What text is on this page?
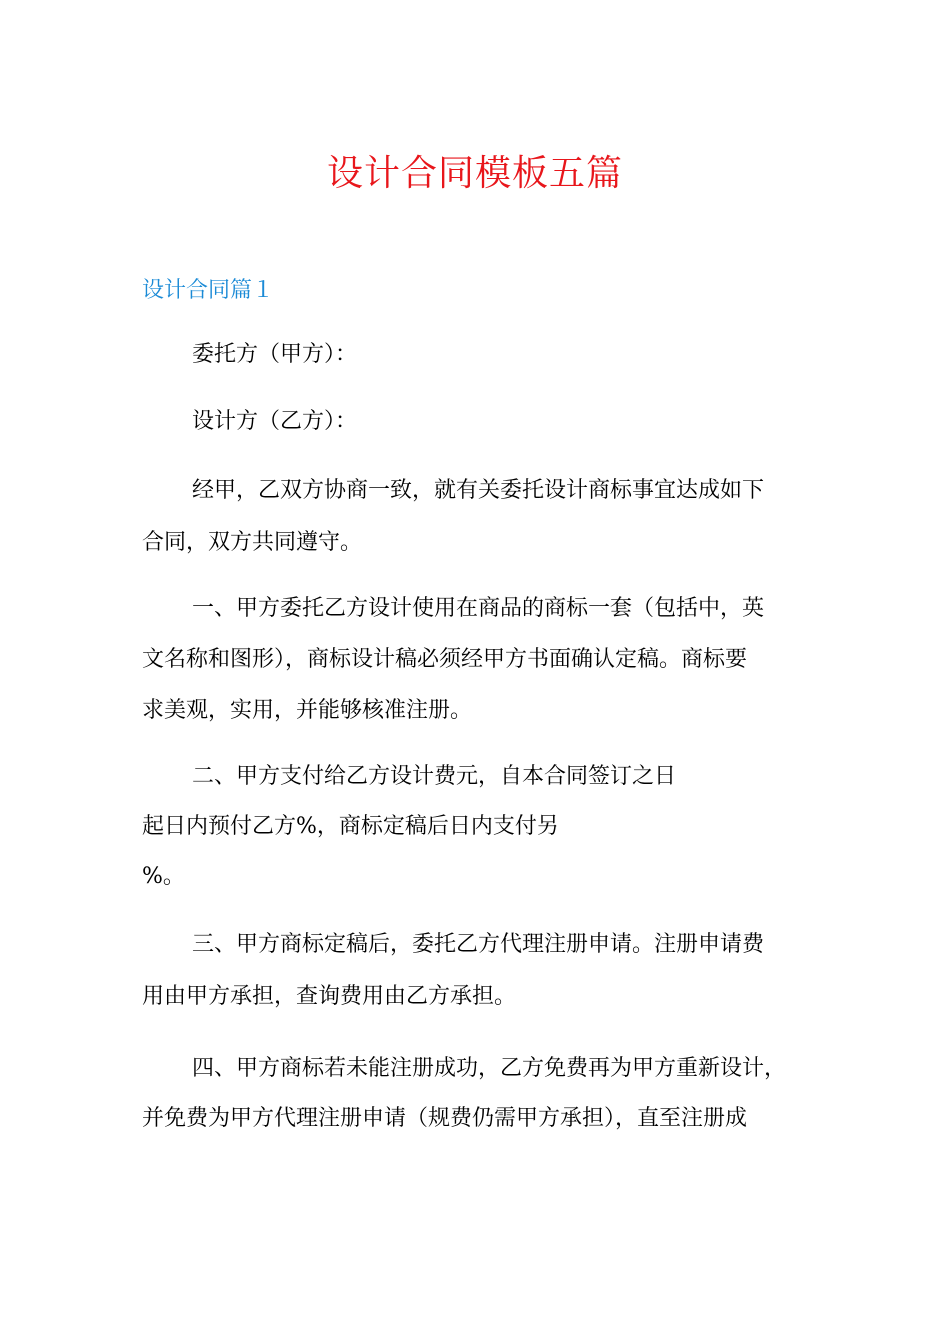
设计合同模板五篇
设计合同篇１
委托方（甲方）：
设计方（乙方）：
经甲，乙双方协商一致，就有关委托设计商标事宜达成如下
合同，双方共同遵守。
一、甲方委托乙方设计使用在商品的商标一套（包括中，英
文名称和图形），商标设计稿必须经甲方书面确认定稿。商标要
求美观，实用，并能够核准注册。
二、甲方支付给乙方设计费元，自本合同签订之日
起日内预付乙方%，商标定稿后日内支付另
%。
三、甲方商标定稿后，委托乙方代理注册申请。注册申请费
用由甲方承担，查询费用由乙方承担。
四、甲方商标若未能注册成功，乙方免费再为甲方重新设计，
并免费为甲方代理注册申请（规费仍需甲方承担），直至注册成
